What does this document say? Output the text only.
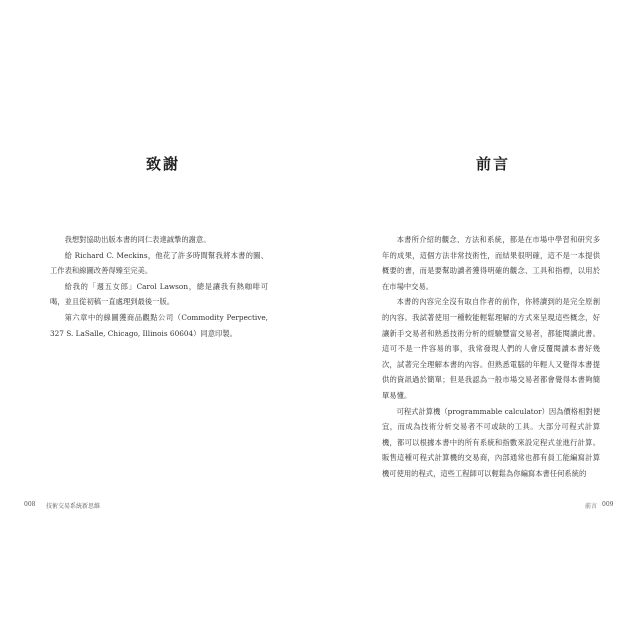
致謝

我想對協助出版本書的同仁表達誠摯的謝意。

給 Richard C. Meckins，他花了許多時間幫我將本書的圖、工作表和線圖改善得臻至完美。

給我的「週五女郎」Carol Lawson，總是讓我有熱咖啡可喝，並且從初稿一直處理到最後一版。

第六章中的線圖獲商品觀點公司（Commodity Perpective, 327 S. LaSalle, Chicago, Illinois 60604）同意印製。

008 技術交易系統新思維
前言

本書所介紹的觀念、方法和系統，都是在市場中學習和研究多年的成果，這個方法非常技術性，而結果很明確，這不是一本提供概要的書，而是要幫助讀者獲得明確的觀念、工具和指標，以用於在市場中交易。

本書的內容完全沒有取自作者的前作，你將讀到的是完全原創的內容。我試著使用一種較能輕鬆理解的方式來呈現這些概念，好讓新手交易者和熟悉技術分析的經驗豐富交易者，都能閱讀此書。這可不是一件容易的事，我常發現人們的人會反覆閱讀本書好幾次，試著完全理解本書的內容。但熟悉電腦的年輕人又覺得本書提供的資訊過於簡單；但是我認為一般市場交易者都會覺得本書夠簡單易懂。

可程式計算機（programmable calculator）因為價格相對便宜，而成為技術分析交易者不可或缺的工具。大部分可程式計算機，都可以根據本書中的所有系統和指數來設定程式並進行計算。販售這種可程式計算機的交易商，內部通常也都有員工能編寫計算機可使用的程式，這些工程師可以輕鬆為你編寫本書任何系統的

前言 009
